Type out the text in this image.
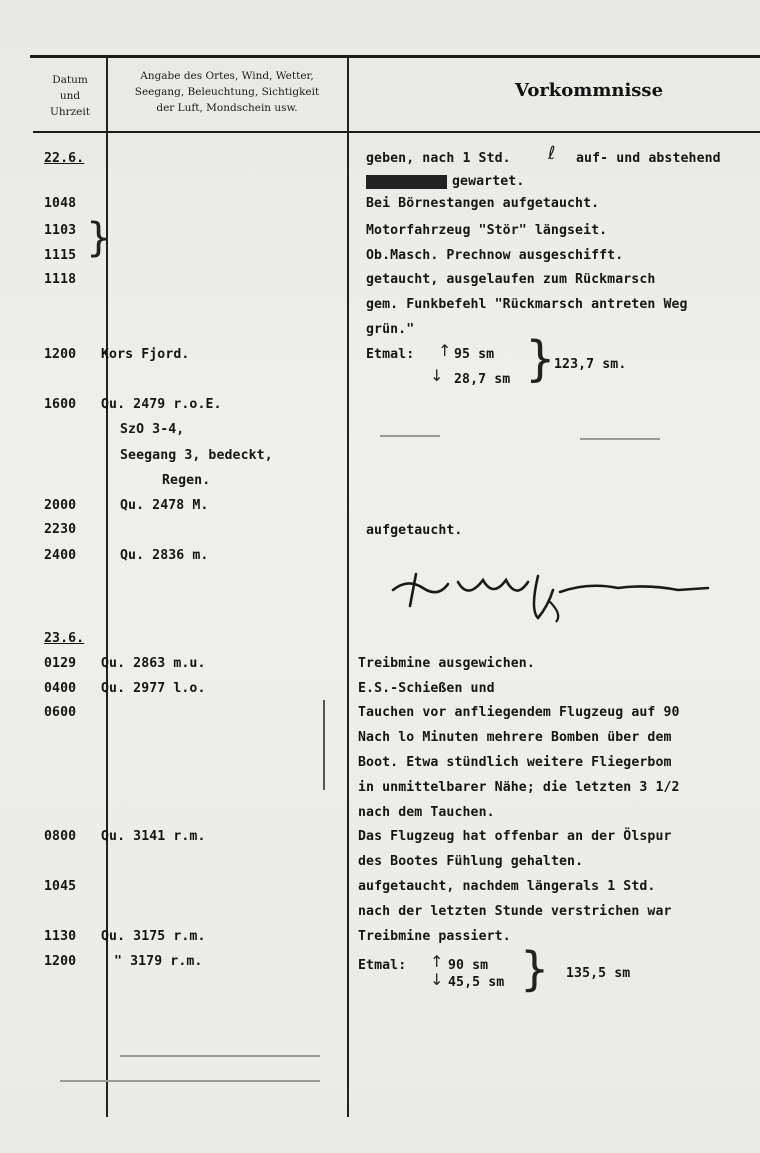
Datum
und
Uhrzeit
Angabe des Ortes, Wind, Wetter,
Seegang, Beleuchtung, Sichtigkeit
der Luft, Mondschein usw.
Vorkommnisse
22.6.
1048
1103
1115 }
1118
1200
1600
2000
2230
2400
Kors Fjord.
Qu. 2479 r.o.E.
SzO 3-4,
Seegang 3, bedeckt,
Regen.
Qu. 2478 M.
Qu. 2836 m.
geben, nach 1 Std. ℓ auf- und abstehend
gewartet.
Bei Börnestangen aufgetaucht.
Motorfahrzeug "Stör" längseit.
Ob.Masch. Prechnow ausgeschifft.
getaucht, ausgelaufen zum Rückmarsch
gem. Funkbefehl "Rückmarsch antreten Weg
grün."
Etmal: ↑ 95 sm
↓ 28,7 sm }
123,7 sm.
aufgetaucht.
23.6.
0129
0400
0600
0800
1045
1130
1200
Qu. 2863 m.u.
Qu. 2977 l.o.
Qu. 3141 r.m.
Qu. 3175 r.m.
" 3179 r.m.
Treibmine ausgewichen.
E.S.-Schießen und
Tauchen vor anfliegendem Flugzeug auf 90
Nach lo Minuten mehrere Bomben über dem
Boot. Etwa stündlich weitere Fliegerbom
in unmittelbarer Nähe; die letzten 3 1/2
nach dem Tauchen.
Das Flugzeug hat offenbar an der Ölspur
des Bootes Fühlung gehalten.
aufgetaucht, nachdem längerals 1 Std.
nach der letzten Stunde verstrichen war
Treibmine passiert.
Etmal: ↑ 90 sm
↓ 45,5 sm } 135,5 sm
